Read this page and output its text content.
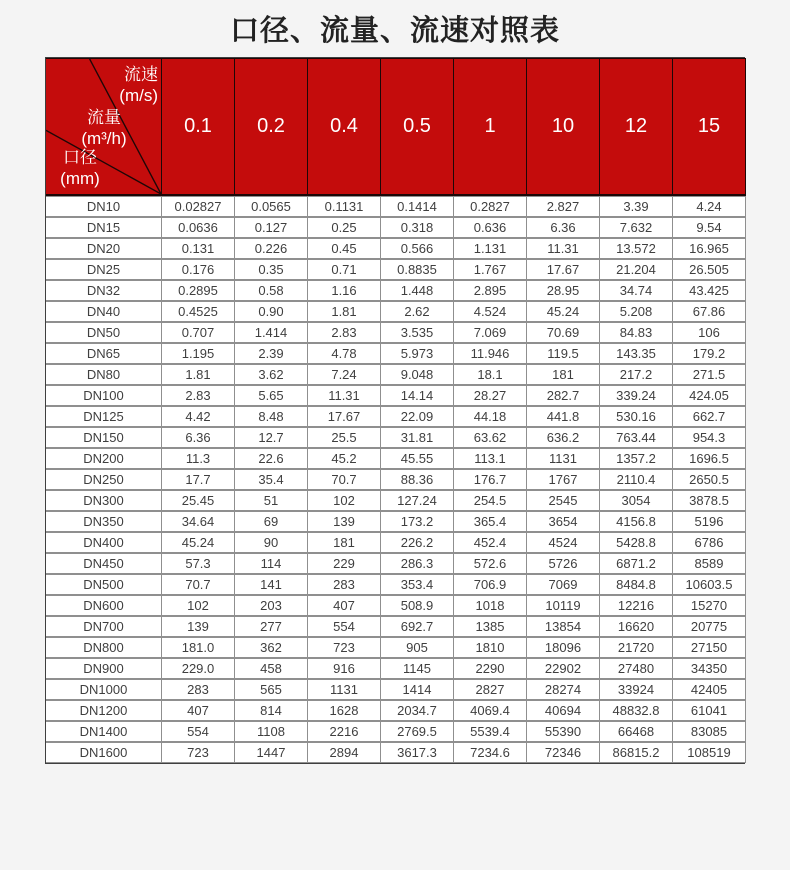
口径、流量、流速对照表
流速
(m/s)
流量
(m³/h)
口径
(mm)
	0.1	0.2	0.4	0.5	1	10	12	15
DN10	0.02827	0.0565	0.1131	0.1414	0.2827	2.827	3.39	4.24
DN15	0.0636	0.127	0.25	0.318	0.636	6.36	7.632	9.54
DN20	0.131	0.226	0.45	0.566	1.131	11.31	13.572	16.965
DN25	0.176	0.35	0.71	0.8835	1.767	17.67	21.204	26.505
DN32	0.2895	0.58	1.16	1.448	2.895	28.95	34.74	43.425
DN40	0.4525	0.90	1.81	2.62	4.524	45.24	5.208	67.86
DN50	0.707	1.414	2.83	3.535	7.069	70.69	84.83	106
DN65	1.195	2.39	4.78	5.973	11.946	119.5	143.35	179.2
DN80	1.81	3.62	7.24	9.048	18.1	181	217.2	271.5
DN100	2.83	5.65	11.31	14.14	28.27	282.7	339.24	424.05
DN125	4.42	8.48	17.67	22.09	44.18	441.8	530.16	662.7
DN150	6.36	12.7	25.5	31.81	63.62	636.2	763.44	954.3
DN200	11.3	22.6	45.2	45.55	113.1	1131	1357.2	1696.5
DN250	17.7	35.4	70.7	88.36	176.7	1767	2110.4	2650.5
DN300	25.45	51	102	127.24	254.5	2545	3054	3878.5
DN350	34.64	69	139	173.2	365.4	3654	4156.8	5196
DN400	45.24	90	181	226.2	452.4	4524	5428.8	6786
DN450	57.3	114	229	286.3	572.6	5726	6871.2	8589
DN500	70.7	141	283	353.4	706.9	7069	8484.8	10603.5
DN600	102	203	407	508.9	1018	10119	12216	15270
DN700	139	277	554	692.7	1385	13854	16620	20775
DN800	181.0	362	723	905	1810	18096	21720	27150
DN900	229.0	458	916	1145	2290	22902	27480	34350
DN1000	283	565	1131	1414	2827	28274	33924	42405
DN1200	407	814	1628	2034.7	4069.4	40694	48832.8	61041
DN1400	554	1108	2216	2769.5	5539.4	55390	66468	83085
DN1600	723	1447	2894	3617.3	7234.6	72346	86815.2	108519
